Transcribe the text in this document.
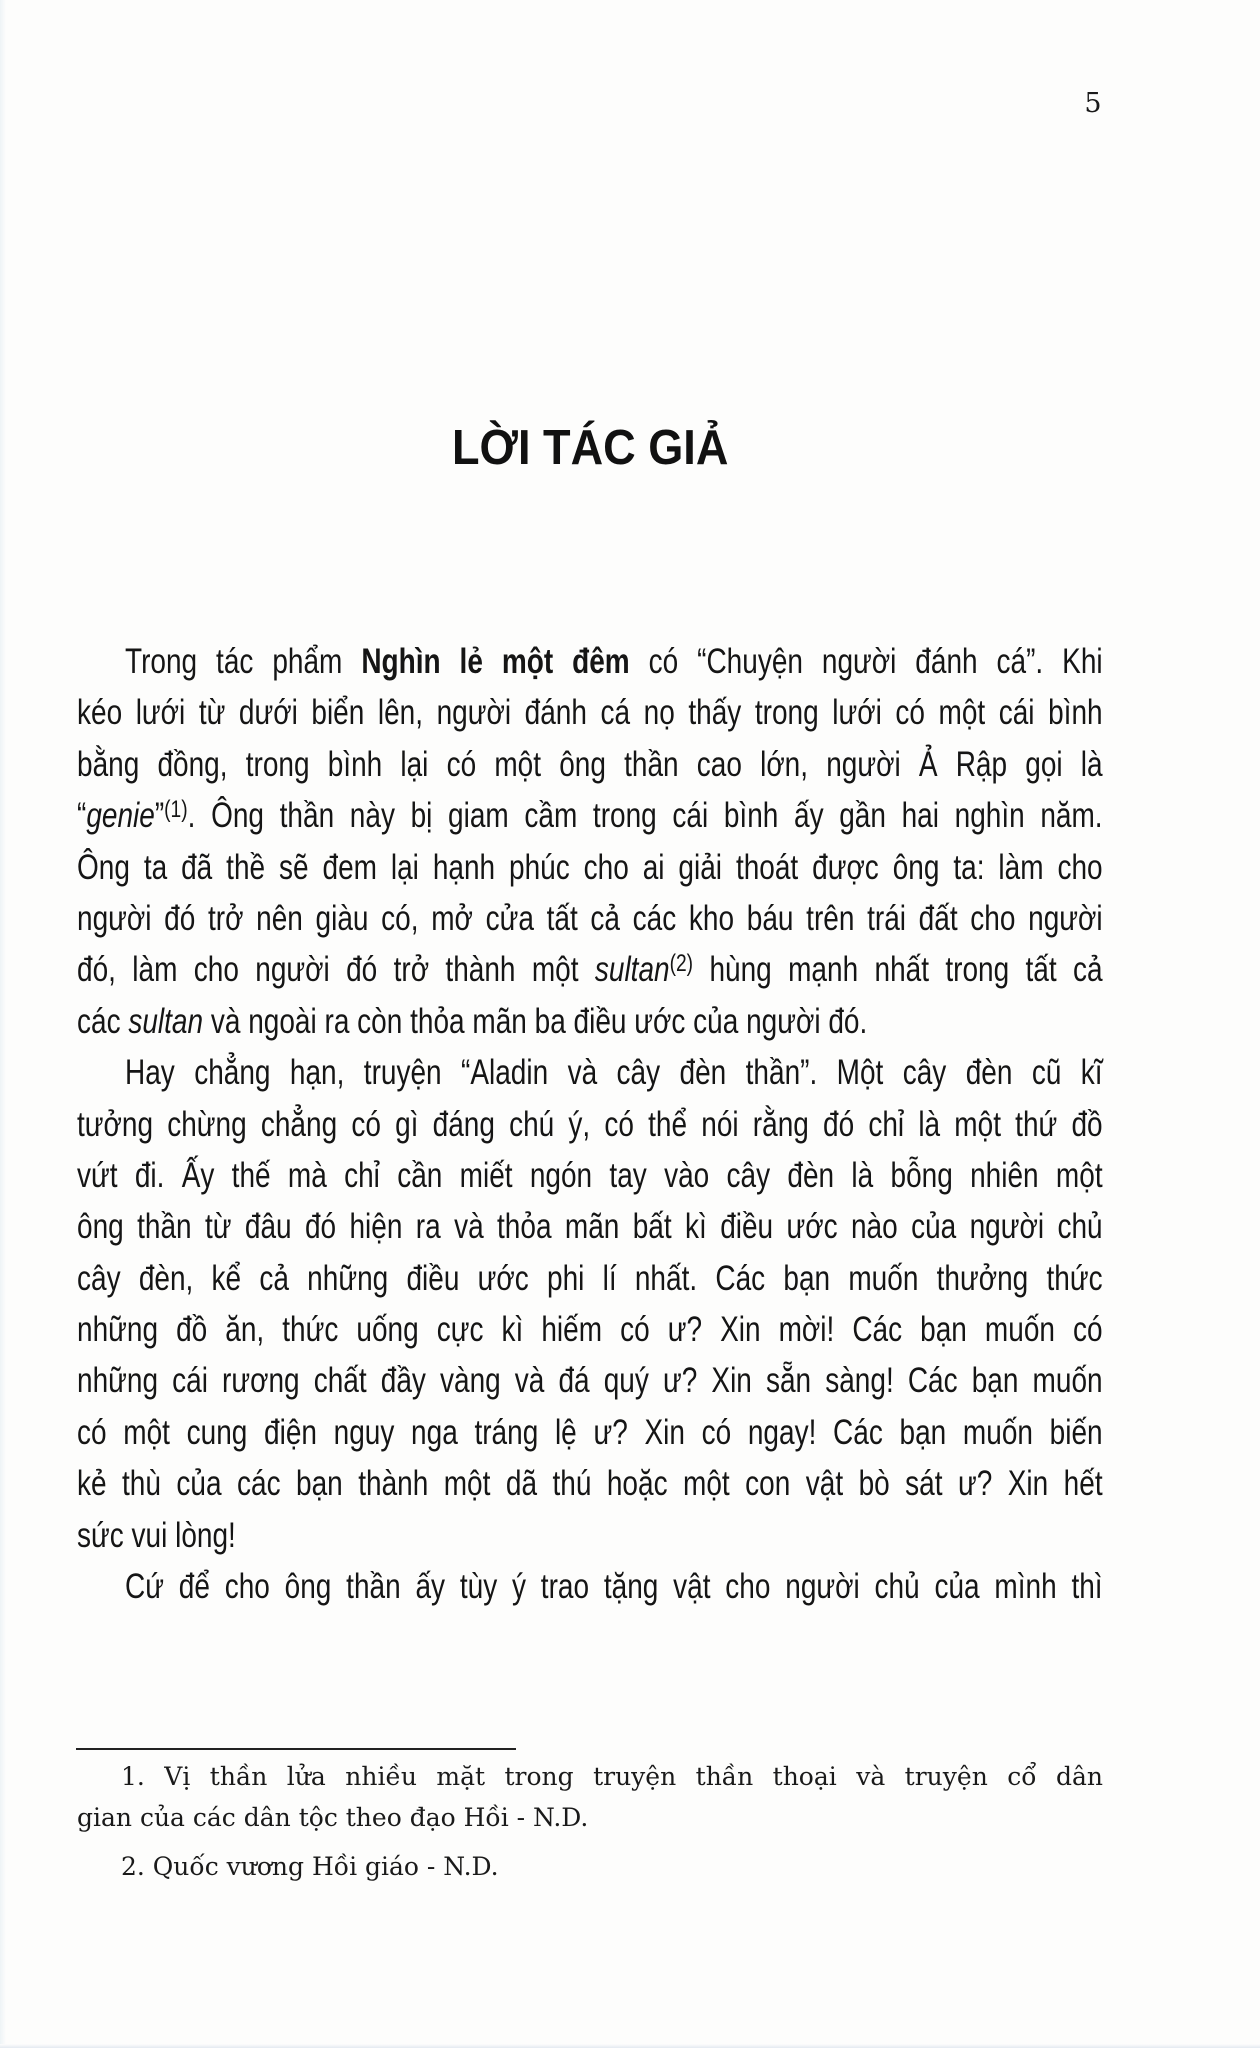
5
LỜI TÁC GIẢ
Trong tác phẩm Nghìn lẻ một đêm có “Chuyện người đánh cá”. Khi
kéo lưới từ dưới biển lên, người đánh cá nọ thấy trong lưới có một cái bình
bằng đồng, trong bình lại có một ông thần cao lớn, người Ả Rập gọi là
“genie”$^{(1)}$. Ông thần này bị giam cầm trong cái bình ấy gần hai nghìn năm.
Ông ta đã thề sẽ đem lại hạnh phúc cho ai giải thoát được ông ta: làm cho
người đó trở nên giàu có, mở cửa tất cả các kho báu trên trái đất cho người
đó, làm cho người đó trở thành một sultan$^{(2)}$ hùng mạnh nhất trong tất cả
các sultan và ngoài ra còn thỏa mãn ba điều ước của người đó.
Hay chẳng hạn, truyện “Aladin và cây đèn thần”. Một cây đèn cũ kĩ
tưởng chừng chẳng có gì đáng chú ý, có thể nói rằng đó chỉ là một thứ đồ
vứt đi. Ấy thế mà chỉ cần miết ngón tay vào cây đèn là bỗng nhiên một
ông thần từ đâu đó hiện ra và thỏa mãn bất kì điều ước nào của người chủ
cây đèn, kể cả những điều ước phi lí nhất. Các bạn muốn thưởng thức
những đồ ăn, thức uống cực kì hiếm có ư? Xin mời! Các bạn muốn có
những cái rương chất đầy vàng và đá quý ư? Xin sẵn sàng! Các bạn muốn
có một cung điện nguy nga tráng lệ ư? Xin có ngay! Các bạn muốn biến
kẻ thù của các bạn thành một dã thú hoặc một con vật bò sát ư? Xin hết
sức vui lòng!
Cứ để cho ông thần ấy tùy ý trao tặng vật cho người chủ của mình thì
1. Vị thần lửa nhiều mặt trong truyện thần thoại và truyện cổ dân
gian của các dân tộc theo đạo Hồi - N.D.
2. Quốc vương Hồi giáo - N.D.
